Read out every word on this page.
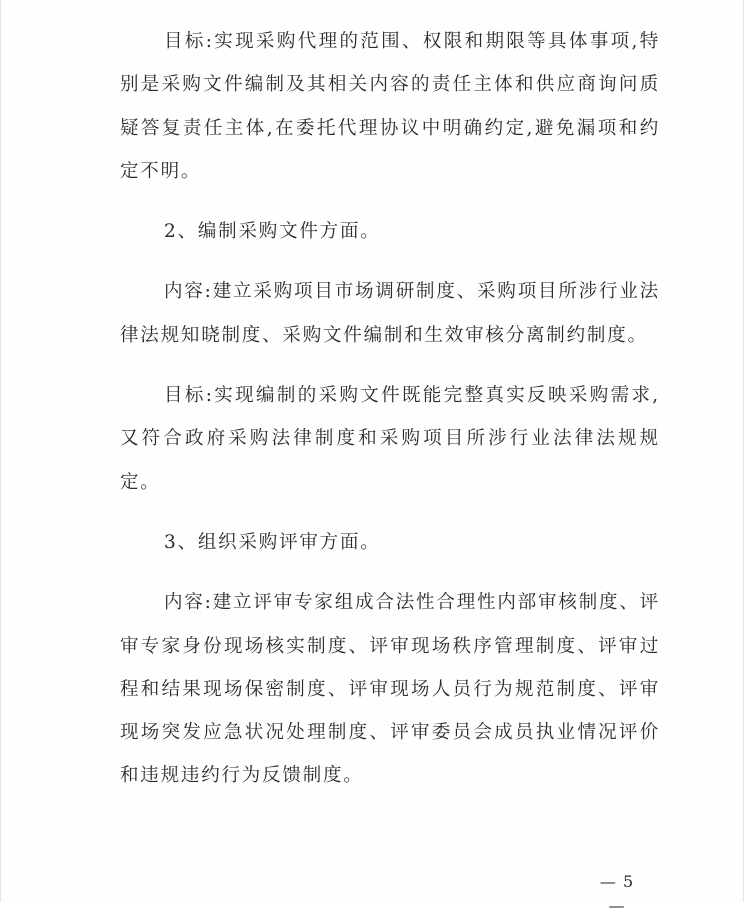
目标:实现采购代理的范围、权限和期限等具体事项,特别是采购文件编制及其相关内容的责任主体和供应商询问质疑答复责任主体,在委托代理协议中明确约定,避免漏项和约定不明。

2、编制采购文件方面。

内容:建立采购项目市场调研制度、采购项目所涉行业法律法规知晓制度、采购文件编制和生效审核分离制约制度。

目标:实现编制的采购文件既能完整真实反映采购需求,又符合政府采购法律制度和采购项目所涉行业法律法规规定。

3、组织采购评审方面。

内容:建立评审专家组成合法性合理性内部审核制度、评审专家身份现场核实制度、评审现场秩序管理制度、评审过程和结果现场保密制度、评审现场人员行为规范制度、评审现场突发应急状况处理制度、评审委员会成员执业情况评价和违规违约行为反馈制度。

— 5 —
